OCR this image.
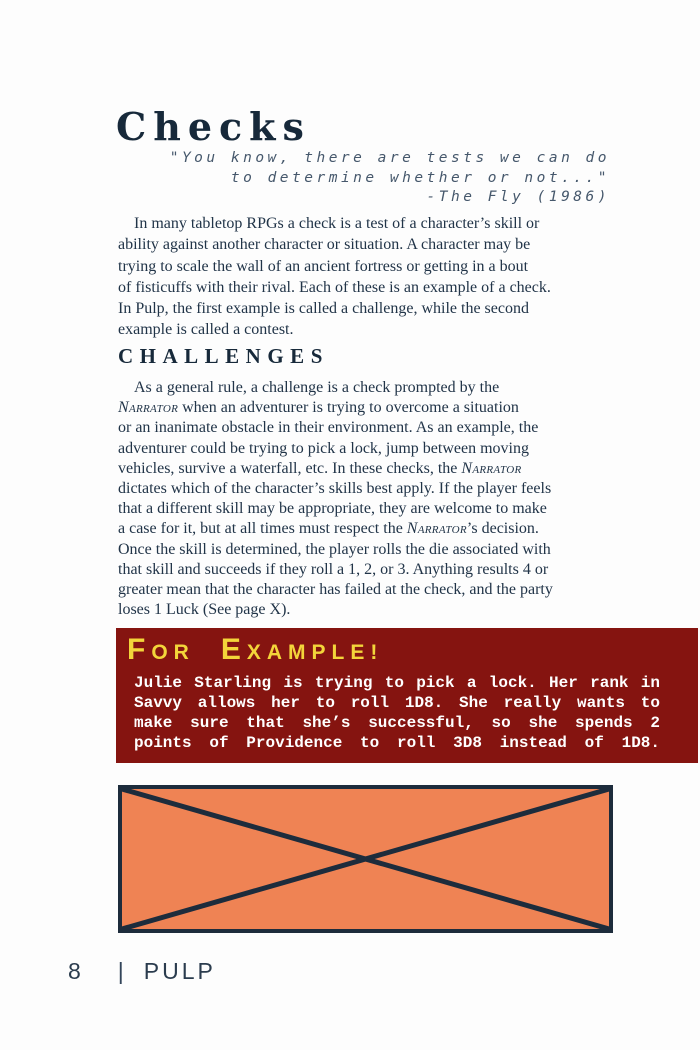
Checks
"You know, there are tests we can do
to determine whether or not..."
-The Fly (1986)

In many tabletop RPGs a check is a test of a character’s skill or
ability against another character or situation. A character may be
trying to scale the wall of an ancient fortress or getting in a bout
of fisticuffs with their rival. Each of these is an example of a check.
In Pulp, the first example is called a challenge, while the second
example is called a contest.

CHALLENGES

As a general rule, a challenge is a check prompted by the
Narrator when an adventurer is trying to overcome a situation
or an inanimate obstacle in their environment. As an example, the
adventurer could be trying to pick a lock, jump between moving
vehicles, survive a waterfall, etc. In these checks, the Narrator
dictates which of the character’s skills best apply. If the player feels
that a different skill may be appropriate, they are welcome to make
a case for it, but at all times must respect the Narrator’s decision.
Once the skill is determined, the player rolls the die associated with
that skill and succeeds if they roll a 1, 2, or 3. Anything results 4 or
greater mean that the character has failed at the check, and the party
loses 1 Luck (See page X).

FOR EXAMPLE!
Julie Starling is trying to pick a lock. Her rank in
Savvy allows her to roll 1D8. She really wants to
make sure that she’s successful, so she spends 2
points of Providence to roll 3D8 instead of 1D8.
8 | PULP
